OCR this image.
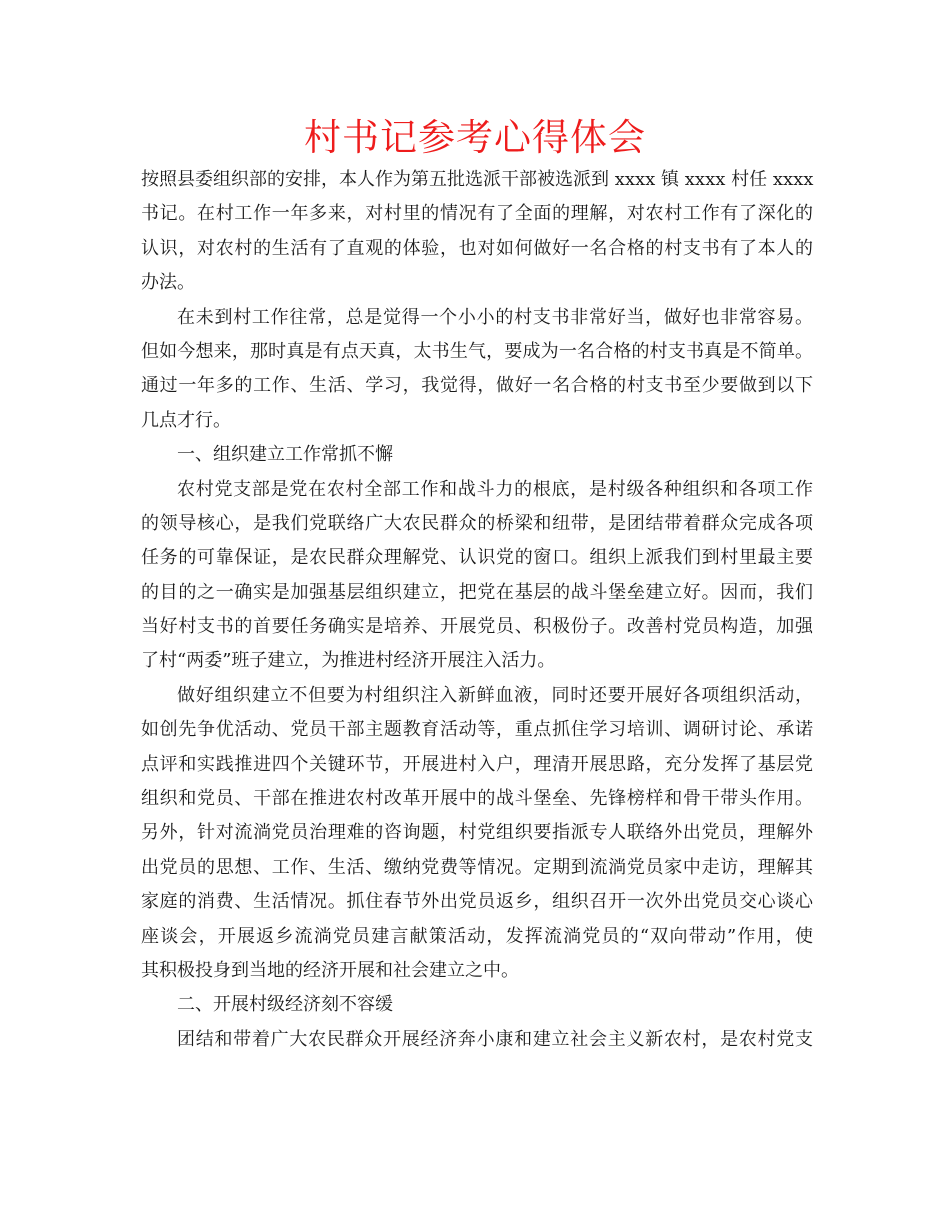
村书记参考心得体会
按照县委组织部的安排，本人作为第五批选派干部被选派到 xxxx 镇 xxxx 村任 xxxx
书记。在村工作一年多来，对村里的情况有了全面的理解，对农村工作有了深化的
认识，对农村的生活有了直观的体验，也对如何做好一名合格的村支书有了本人的
办法。
在未到村工作往常，总是觉得一个小小的村支书非常好当，做好也非常容易。
但如今想来，那时真是有点天真，太书生气，要成为一名合格的村支书真是不简单。
通过一年多的工作、生活、学习，我觉得，做好一名合格的村支书至少要做到以下
几点才行。
一、组织建立工作常抓不懈
农村党支部是党在农村全部工作和战斗力的根底，是村级各种组织和各项工作
的领导核心，是我们党联络广大农民群众的桥梁和纽带，是团结带着群众完成各项
任务的可靠保证，是农民群众理解党、认识党的窗口。组织上派我们到村里最主要
的目的之一确实是加强基层组织建立，把党在基层的战斗堡垒建立好。因而，我们
当好村支书的首要任务确实是培养、开展党员、积极份子。改善村党员构造，加强
了村“两委”班子建立，为推进村经济开展注入活力。
做好组织建立不但要为村组织注入新鲜血液，同时还要开展好各项组织活动，
如创先争优活动、党员干部主题教育活动等，重点抓住学习培训、调研讨论、承诺
点评和实践推进四个关键环节，开展进村入户，理清开展思路，充分发挥了基层党
组织和党员、干部在推进农村改革开展中的战斗堡垒、先锋榜样和骨干带头作用。
另外，针对流淌党员治理难的咨询题，村党组织要指派专人联络外出党员，理解外
出党员的思想、工作、生活、缴纳党费等情况。定期到流淌党员家中走访，理解其
家庭的消费、生活情况。抓住春节外出党员返乡，组织召开一次外出党员交心谈心
座谈会，开展返乡流淌党员建言献策活动，发挥流淌党员的“双向带动”作用，使
其积极投身到当地的经济开展和社会建立之中。
二、开展村级经济刻不容缓
团结和带着广大农民群众开展经济奔小康和建立社会主义新农村，是农村党支
